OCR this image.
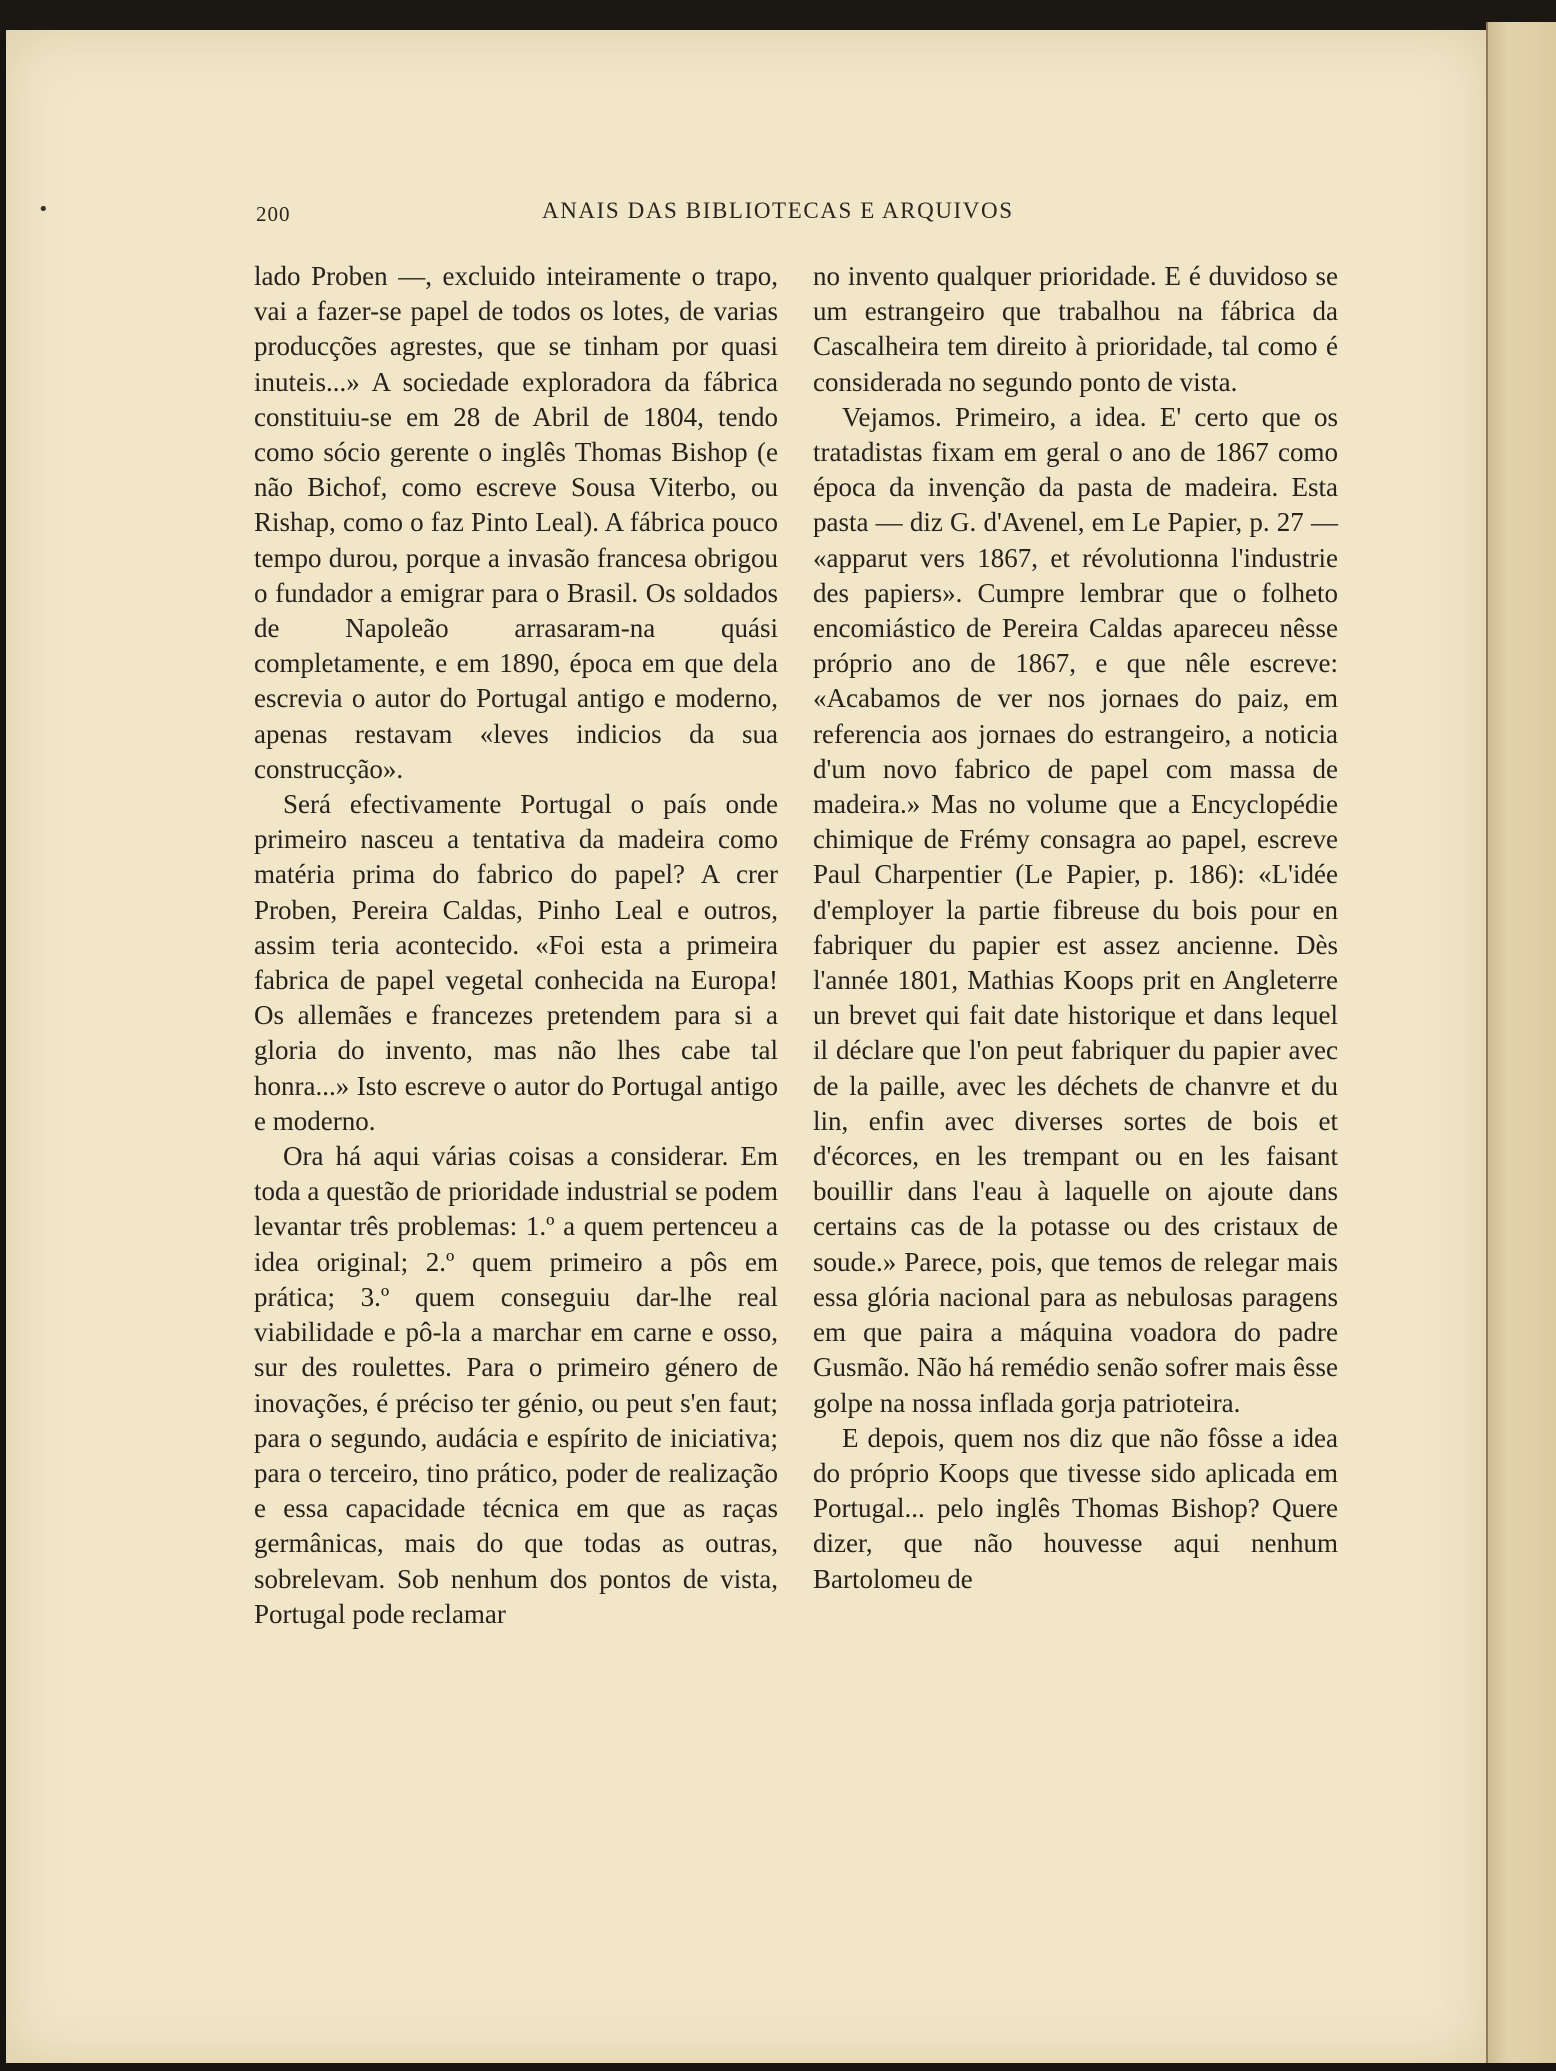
•	200	ANAIS DAS BIBLIOTECAS E ARQUIVOS

lado Proben —, excluido inteiramente o trapo, vai a fazer-se papel de todos os lotes, de varias producções agrestes, que se tinham por quasi inuteis...» A sociedade exploradora da fábrica constituiu-se em 28 de Abril de 1804, tendo como sócio gerente o inglês Thomas Bishop (e não Bichof, como escreve Sousa Viterbo, ou Rishap, como o faz Pinto Leal). A fábrica pouco tempo durou, porque a invasão francesa obrigou o fundador a emigrar para o Brasil. Os soldados de Napoleão arrasaram-na quási completamente, e em 1890, época em que dela escrevia o autor do Portugal antigo e moderno, apenas restavam «leves indicios da sua construcção».

Será efectivamente Portugal o país onde primeiro nasceu a tentativa da madeira como matéria prima do fabrico do papel? A crer Proben, Pereira Caldas, Pinho Leal e outros, assim teria acontecido. «Foi esta a primeira fabrica de papel vegetal conhecida na Europa! Os allemães e francezes pretendem para si a gloria do invento, mas não lhes cabe tal honra...» Isto escreve o autor do Portugal antigo e moderno.

Ora há aqui várias coisas a considerar. Em toda a questão de prioridade industrial se podem levantar três problemas: 1.º a quem pertenceu a idea original; 2.º quem primeiro a pôs em prática; 3.º quem conseguiu dar-lhe real viabilidade e pô-la a marchar em carne e osso, sur des roulettes. Para o primeiro género de inovações, é préciso ter génio, ou peut s'en faut; para o segundo, audácia e espírito de iniciativa; para o terceiro, tino prático, poder de realização e essa capacidade técnica em que as raças germânicas, mais do que todas as outras, sobrelevam. Sob nenhum dos pontos de vista, Portugal pode reclamar

no invento qualquer prioridade. E é duvidoso se um estrangeiro que trabalhou na fábrica da Cascalheira tem direito à prioridade, tal como é considerada no segundo ponto de vista.

Vejamos. Primeiro, a idea. E' certo que os tratadistas fixam em geral o ano de 1867 como época da invenção da pasta de madeira. Esta pasta — diz G. d'Avenel, em Le Papier, p. 27 — «apparut vers 1867, et révolutionna l'industrie des papiers». Cumpre lembrar que o folheto encomiástico de Pereira Caldas apareceu nêsse próprio ano de 1867, e que nêle escreve: «Acabamos de ver nos jornaes do paiz, em referencia aos jornaes do estrangeiro, a noticia d'um novo fabrico de papel com massa de madeira.» Mas no volume que a Encyclopédie chimique de Frémy consagra ao papel, escreve Paul Charpentier (Le Papier, p. 186): «L'idée d'employer la partie fibreuse du bois pour en fabriquer du papier est assez ancienne. Dès l'année 1801, Mathias Koops prit en Angleterre un brevet qui fait date historique et dans lequel il déclare que l'on peut fabriquer du papier avec de la paille, avec les déchets de chanvre et du lin, enfin avec diverses sortes de bois et d'écorces, en les trempant ou en les faisant bouillir dans l'eau à laquelle on ajoute dans certains cas de la potasse ou des cristaux de soude.» Parece, pois, que temos de relegar mais essa glória nacional para as nebulosas paragens em que paira a máquina voadora do padre Gusmão. Não há remédio senão sofrer mais êsse golpe na nossa inflada gorja patrioteira.

E depois, quem nos diz que não fôsse a idea do próprio Koops que tivesse sido aplicada em Portugal... pelo inglês Thomas Bishop? Quere dizer, que não houvesse aqui nenhum Bartolomeu de
